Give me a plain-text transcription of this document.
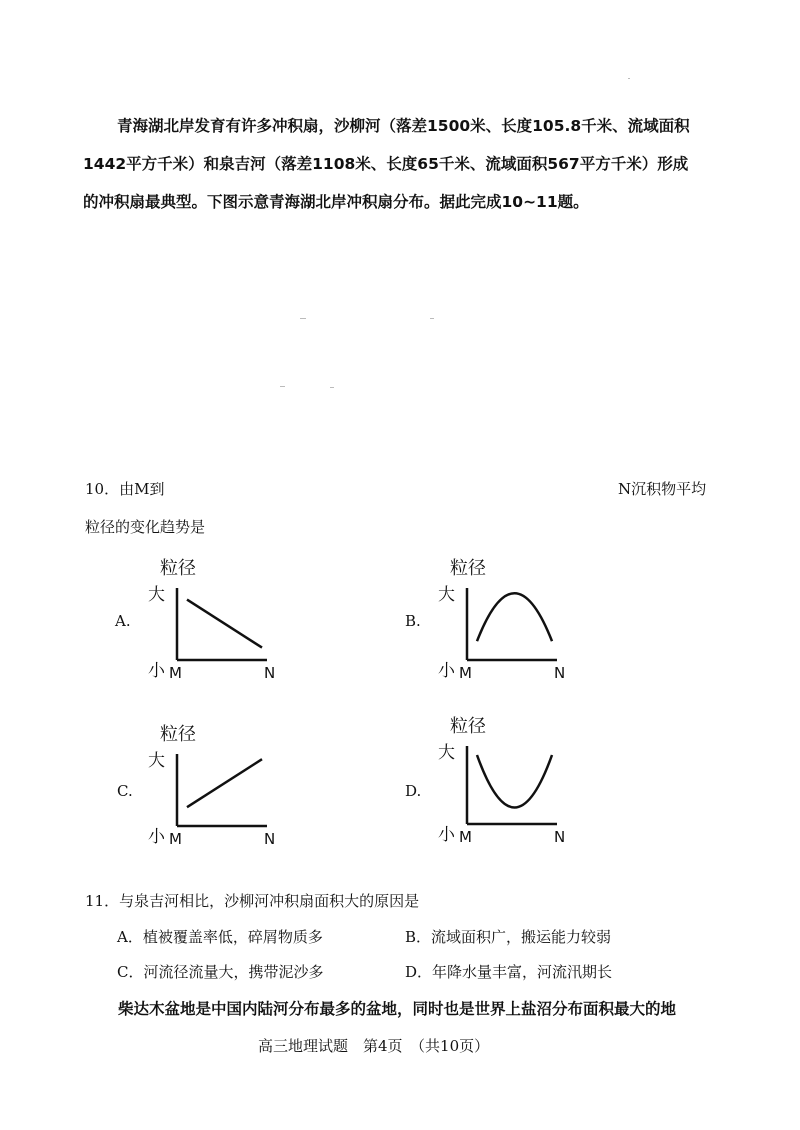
青海湖北岸发育有许多冲积扇，沙柳河（落差1500米、长度105.8千米、流域面积
1442平方千米）和泉吉河（落差1108米、长度65千米、流域面积567平方千米）形成
的冲积扇最典型。下图示意青海湖北岸冲积扇分布。据此完成10~11题。
10．由M到	N沉积物平均
粒径的变化趋势是
A.
粒径
大
小 M	N
B.
粒径
大
小 M	N
C.
粒径
大
小 M	N
D.
粒径
大
小 M	N
11．与泉吉河相比，沙柳河冲积扇面积大的原因是
A．植被覆盖率低，碎屑物质多	B．流域面积广，搬运能力较弱
C．河流径流量大，携带泥沙多	D．年降水量丰富，河流汛期长
柴达木盆地是中国内陆河分布最多的盆地，同时也是世界上盐沼分布面积最大的地
高三地理试题　第4页　（共10页）
